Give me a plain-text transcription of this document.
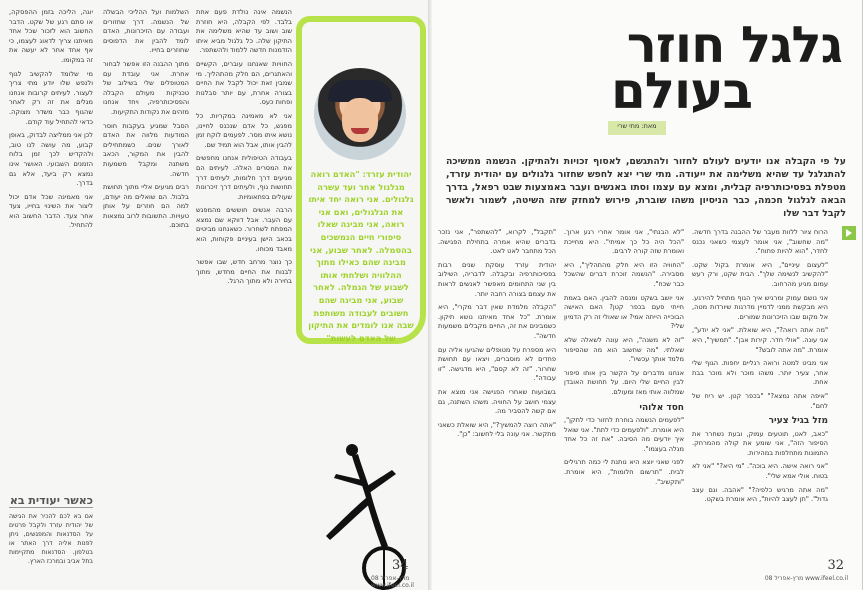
יוגה, הליכה בזמן ההפסקה, או סתם רגע של שקט. הדבר החשוב הוא לזכור שכל אחד מאיתנו צריך לדאוג לעצמו, כי אף אחד אחר לא יעשה את זה במקומו.

מי שלומד להקשיב לגוף ולנפש שלו יודע מתי צריך לעצור. לעיתים קרובות אנחנו מגלים את זה רק לאחר שהגוף כבר משדר מצוקה. כדאי להתחיל עוד קודם.

לכן אני ממליצה לבדוק, באופן קבוע, מה עושה לנו טוב, ולהקדיש לכך זמן בלוח הזמנים השבועי. האושר אינו נמצא רק ביעד, אלא גם בדרך.

אני מאמינה שכל אדם יכול ליצור את השינוי בחייו, צעד אחר צעד. הדבר החשוב הוא להתחיל.

כאשר יעודית בא
אם בא לכם להכיר את הגישה של יהודית עזרד ולקבל פרטים על הסדנאות והמפגשים, ניתן לפנות אליה דרך האתר או בטלפון. הסדנאות מתקיימות בתל אביב ובמרכז הארץ.

השלמות ועל ההליכי הבשלה של הנשמה. דרך שחזורים ועבודה עם הזיכרונות, האדם לומד להבין את הדפוסים שחוזרים בחייו.

מתוך ההבנה הזו אפשר לבחור אחרת. אני עובדת עם המטופלים שלי בשילוב של טכניקות מעולם הקבלה והפסיכותרפיה, ויחד אנחנו מזהים את נקודות התקיעות.

הסבל שמגיע בעקבות חוסר המודעות מלווה את האדם לאורך שנים. כשמתחילים להבין את המקור, הכאב משתנה ומקבל משמעות חדשה.

רבים מגיעים אליי מתוך תחושת בלבול. הם שואלים מה יעודם, למה הם חוזרים על אותן טעויות. התשובות לרוב נמצאות בתוכם.

הנשמה אינה נולדת פעם אחת בלבד. לפי הקבלה, היא חוזרת שוב ושוב עד שהיא משלימה את התיקון שלה. כל גלגול מביא איתו הזדמנות חדשה ללמוד ולהשתפר.

החוויות שאנחנו עוברים, הקשיים והאתגרים, הם חלק מהתהליך. מי שמבין זאת יכול לקבל את החיים בצורה אחרת, עם יותר סבלנות ופחות כעס.

אני לא מאמינה במקריות. כל מפגש, כל אדם שנכנס לחיינו, נושא איתו מסר. לפעמים לוקח זמן להבין אותו, אבל הוא תמיד שם.

בעבודה הטיפולית אנחנו מחפשים את המסרים האלה. לעיתים הם מגיעים דרך חלומות, לעיתים דרך תחושות גוף, ולעיתים דרך זיכרונות שעולים בפתאומיות.

הרבה אנשים חוששים מהמפגש עם העבר. אבל דווקא שם נמצא המפתח לשחרור. כשאנחנו מביטים בכאב הישן בעיניים פקוחות, הוא מאבד מכוחו.

כך נוצר מרחב חדש, שבו אפשר לבנות את החיים מחדש, מתוך בחירה ולא מתוך הרגל.

יהודית עזרד: "האדם רואה מגלגול אחר ועד עשרה גלגולים. אני רואה יחד איתו את הגלגולים, ואם אני רואה, אני מבינה שאלו סיפורי חיים הנמשכים בהסמלה. לאחר שבוע, אני מבינה שהם כאילו מתוך ההלוויה ושלחתי אותו לשבוע של הגמלה. לאחר שבוע, אני מבינה שהם חשובים לעבודה משותפת שבה אנו לומדים את התיקון של האדם לעשות"
34
מרץ-אפריל 08 www.ifeel.co.il
גלגל חוזר
בעולם
מאת: מתי שרי
על פי הקבלה אנו יודעים לעולם לחזור ולהתגשם, לאסוף זכויות ולהתיקן. הנשמה ממשיכה להתגלגל עד שהיא משלימה את ייעודה. מתי שרי יצא לחפש שחזור גלגולים עם יהודית עזרד, מטפלת בפסיכותרפיה קבלית, ומצא עם עצמו וסתו באנשים ועבר באמצעות שבט רפאל, בדרך הבאה לגלגול חכמה, כבר הניסיון משהו שוברת, פירוש למחזק שזה השיטה, לשמור ולאשר לקבל דבר שלו

הרוח ציור ללוות מעבר של ההבנה בדרך חדשה. "מה שחשוב", אני אומר לעצמי כשאני נכנס לחדר, "הוא להיות פתוח".

"לעצום עיניים", היא אומרת בקול שקט. "להקשיב לנשימה שלך". הבית שקט, ורק רעש עמום מגיע מהרחוב.

אני נושם עמוק ומרגיש איך הגוף מתחיל להירגע. היא מבקשת ממני לדמיין מדרגות שיורדות מטה, אל מקום שבו הזיכרונות שמורים.

"מה אתה רואה?", היא שואלת. "אני לא יודע", אני עונה. "אולי חדר. קירות אבן". "תמשיך", היא אומרת. "מה אתה לובש?"

אני מביט למטה ורואה רגליים יחפות. הגוף שלי אחר, צעיר יותר. משהו מוכר ולא מוכר בבת אחת.

"איפה אתה נמצא?" "בכפר קטן. יש ריח של לחם".

מזל בגיל צעיר

"כאב, לאט, תוטעים עמוק, ובעת נשחרר את הסיפור הזה", אני שומע את קולה מהמרחק. התמונות מתחלפות במהירות.

"אני רואה אישה. היא בוכה". "מי היא?" "אני לא בטוח. אולי אמא שלי".

"מה אתה מרגיש כלפיה?" "אהבה. וגם עצב גדול". "תן לעצב להיות", היא אומרת בשקט.

"לא הבנתי", אני אומר אחרי רגע ארוך. "הכל היה כל כך אמיתי". היא מחייכת ואומרת שזה קורה לרבים.

"החוויה הזו היא חלק מהתהליך", היא מסבירה. "הנשמה זוכרת דברים שהשכל כבר שכח".

אני יושב בשקט ומנסה להבין. האם באמת חייתי פעם בכפר קטן? האם האישה הבוכייה הייתה אמי? או שאולי זה רק הדמיון שלי?

"זה לא משנה", היא עונה לשאלה שלא שאלתי. "מה שחשוב הוא מה שהסיפור מלמד אותך עכשיו".

אנחנו מדברים על הקשר בין אותו סיפור לבין החיים שלי היום. על תחושת האובדן שמלווה אותי מאז ומעולם.

חסד אלוהי

"לפעמים הנשמה בוחרת לחזור כדי לתקן", היא אומרת. "ולפעמים כדי לתת". אני שואל איך יודעים מה הסיבה. "את זה כל אחד מגלה בעצמו".

לפני שאני יוצא היא נותנת לי כמה תרגילים לבית. "תרשום חלומות", היא אומרת. "ותקשיב".

"תקבל", לקרוא, "להשתפר", אני נזכר בדברים שהיא אמרה בתחילת הפגישה. הכל מתחבר לאט לאט.

יהודית עזרד עוסקת שנים רבות בפסיכותרפיה ובקבלה. לדבריה, השילוב בין שני התחומים מאפשר לאנשים לראות את עצמם בצורה רחבה יותר.

"הקבלה מלמדת שאין דבר מקרי", היא אומרת. "כל אחד מאיתנו נושא תיקון. כשמבינים את זה, החיים מקבלים משמעות חדשה".

היא מספרת על מטופלים שהגיעו אליה עם פחדים לא מוסברים, ויצאו עם תחושת שחרור. "זה לא קסם", היא מדגישה. "זו עבודה".

בשבועות שאחרי הפגישה אני מוצא את עצמי חושב על החוויה. משהו השתנה, גם אם קשה להסביר מה.

"אתה רוצה להמשיך?", היא שואלת כשאני מתקשר. אני עונה בלי לחשוב: "כן".

32
מרץ-אפריל 08 www.ifeel.co.il
